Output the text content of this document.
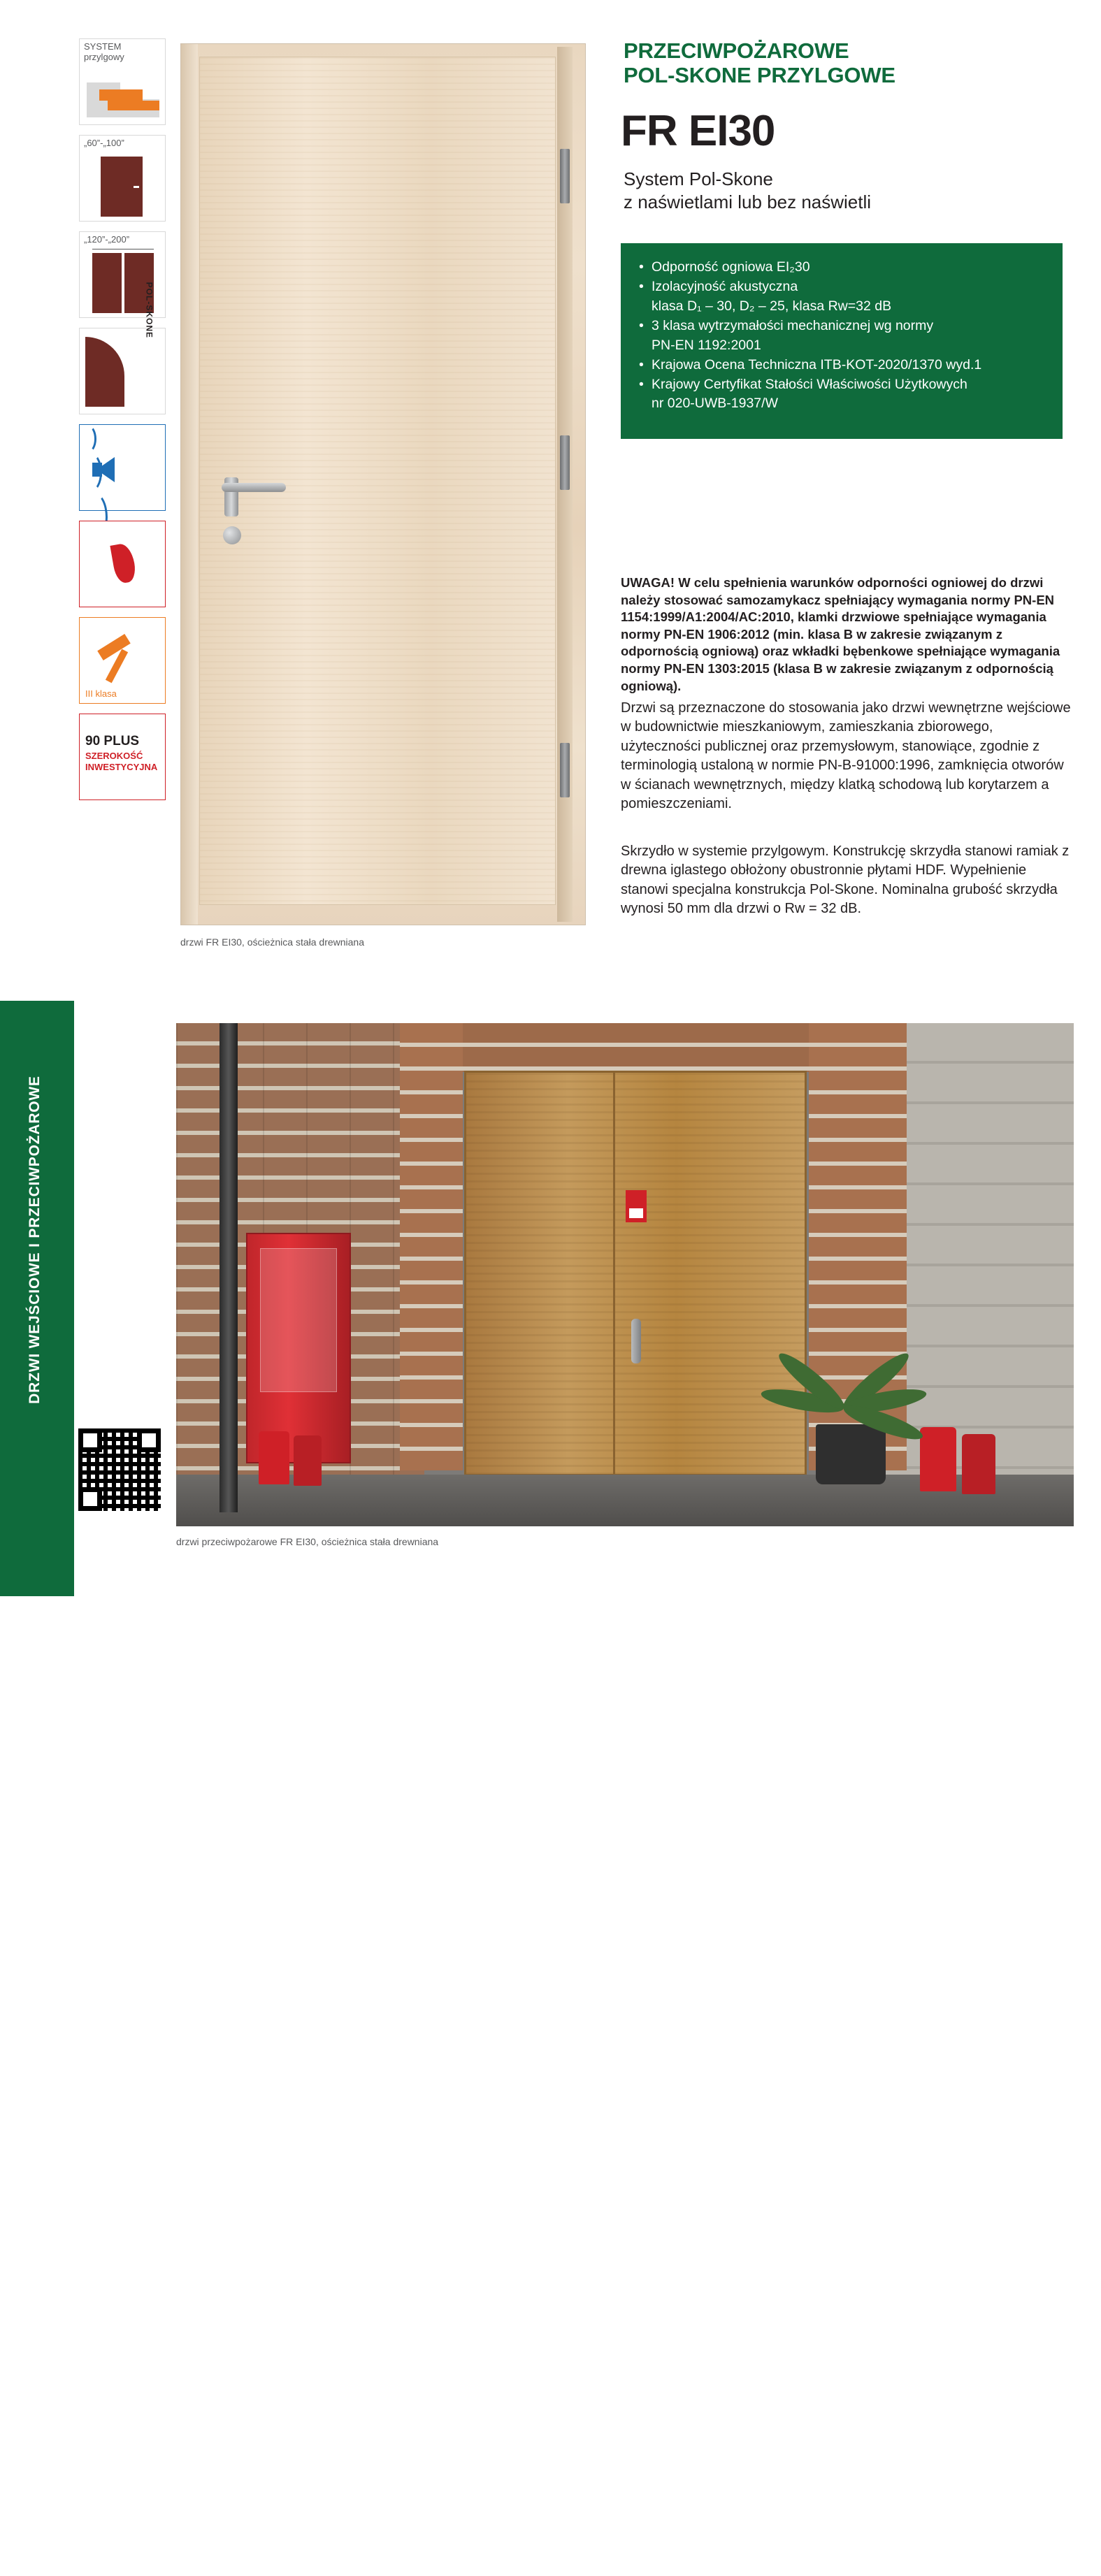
DRZWI WEJŚCIOWE I PRZECIWPOŻAROWE
224
SYSTEM
przylgowy
„60”-„100”
„120”-„200”
POL-SKONE
III klasa
90 PLUS
SZEROKOŚĆ
INWESTYCYJNA
drzwi FR EI30, ościeżnica stała drewniana
PRZECIWPOŻAROWE
POL-SKONE PRZYLGOWE
FR EI30
System Pol-Skone
z naświetlami lub bez naświetli
• Odporność ogniowa EI₂30
• Izolacyjność akustyczna
klasa D₁ – 30, D₂ – 25, klasa Rw=32 dB
• 3 klasa wytrzymałości mechanicznej wg normy
PN-EN 1192:2001
• Krajowa Ocena Techniczna ITB-KOT-2020/1370 wyd.1
• Krajowy Certyfikat Stałości Właściwości Użytkowych
nr 020-UWB-1937/W
UWAGA! W celu spełnienia warunków odporności ogniowej do drzwi należy stosować samozamykacz spełniający wymagania normy PN-EN 1154:1999/A1:2004/AC:2010, klamki drzwiowe spełniające wymagania normy PN-EN 1906:2012 (min. klasa B w zakresie związanym z odpornością ogniową) oraz wkładki bębenkowe spełniające wymagania normy PN-EN 1303:2015 (klasa B w zakresie związanym z odpornością ogniową).
Drzwi są przeznaczone do stosowania jako drzwi wewnętrzne wejściowe w budownictwie mieszkaniowym, zamieszkania zbiorowego, użyteczności publicznej oraz przemysłowym, stanowiące, zgodnie z terminologią ustaloną w normie PN-B-91000:1996, zamknięcia otworów w ścianach wewnętrznych, między klatką schodową lub korytarzem a pomieszczeniami.
Skrzydło w systemie przylgowym. Konstrukcję skrzydła stanowi ramiak z drewna iglastego obłożony obustronnie płytami HDF. Wypełnienie stanowi specjalna konstrukcja Pol-Skone. Nominalna grubość skrzydła wynosi 50 mm dla drzwi o Rw = 32 dB.
drzwi przeciwpożarowe FR EI30, ościeżnica stała drewniana
